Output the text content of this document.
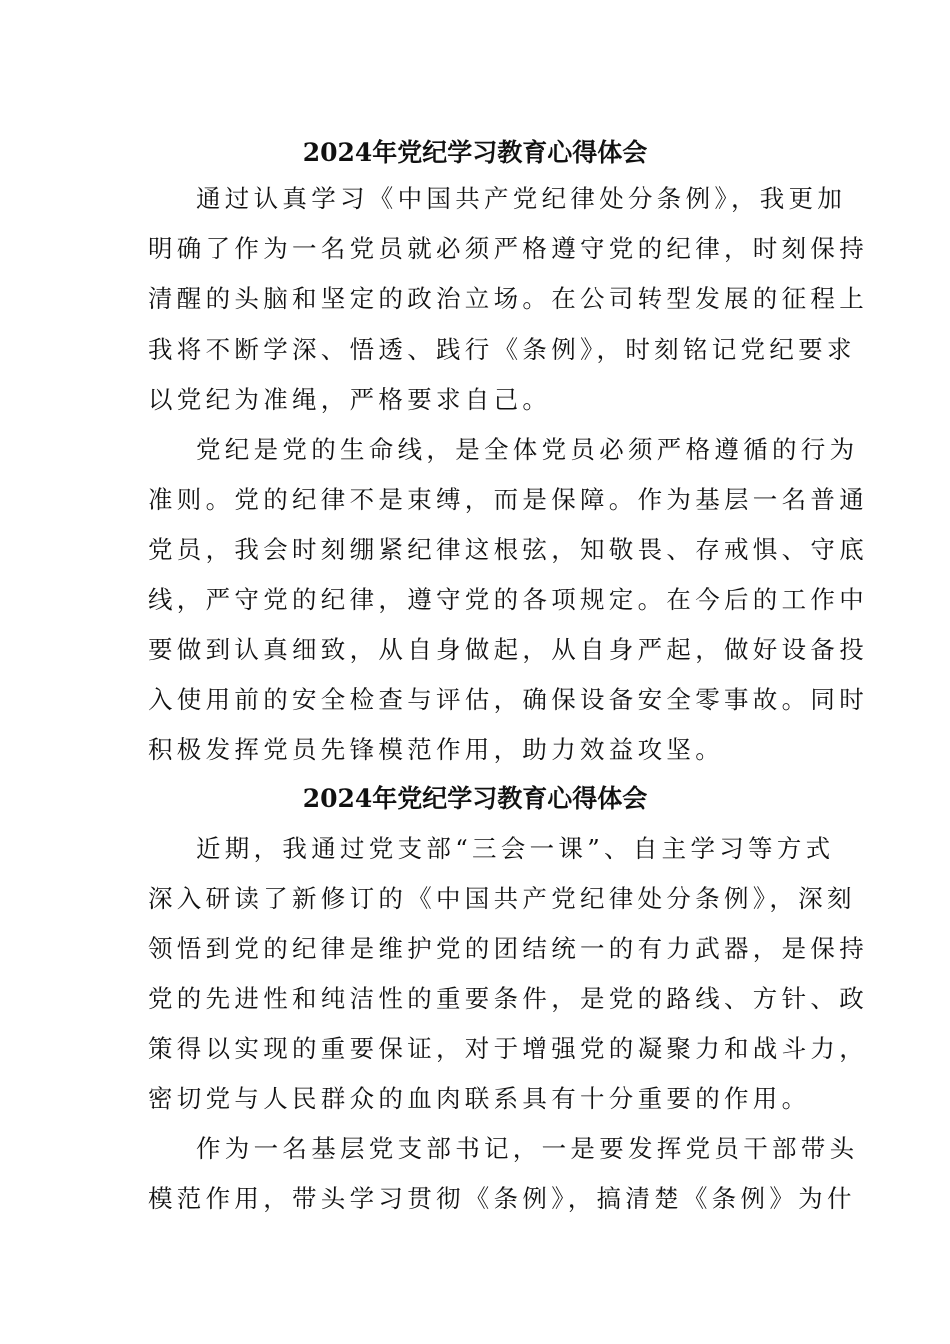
2024年党纪学习教育心得体会

通过认真学习《中国共产党纪律处分条例》，我更加

明确了作为一名党员就必须严格遵守党的纪律，时刻保持

清醒的头脑和坚定的政治立场。在公司转型发展的征程上

我将不断学深、悟透、践行《条例》，时刻铭记党纪要求

以党纪为准绳，严格要求自己。

党纪是党的生命线，是全体党员必须严格遵循的行为

准则。党的纪律不是束缚，而是保障。作为基层一名普通

党员，我会时刻绷紧纪律这根弦，知敬畏、存戒惧、守底

线，严守党的纪律，遵守党的各项规定。在今后的工作中

要做到认真细致，从自身做起，从自身严起，做好设备投

入使用前的安全检查与评估，确保设备安全零事故。同时

积极发挥党员先锋模范作用，助力效益攻坚。

2024年党纪学习教育心得体会

近期，我通过党支部“三会一课”、自主学习等方式

深入研读了新修订的《中国共产党纪律处分条例》，深刻

领悟到党的纪律是维护党的团结统一的有力武器，是保持

党的先进性和纯洁性的重要条件，是党的路线、方针、政

策得以实现的重要保证，对于增强党的凝聚力和战斗力，

密切党与人民群众的血肉联系具有十分重要的作用。

作为一名基层党支部书记，一是要发挥党员干部带头

模范作用，带头学习贯彻《条例》，搞清楚《条例》为什
